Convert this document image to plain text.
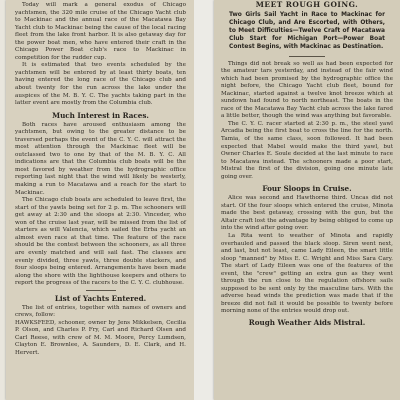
Today will mark a general exodus of Chicago yachtsmen, the 320 mile cruise of the Chicago Yacht club to Mackinac and the annual race of the Macatawa Bay Yacht club to Mackinac being the cause of the local racing fleet from the lake front harbor. It is also getaway day for the power boat men, who have entered their craft in the Chicago Power Boat club's race to Mackinac in competition for the rudder cup.

It is estimated that two events scheduled by the yachtsmen will be entered by at least thirty boats, ten having entered the long race of the Chicago club and about twenty for the run across the lake under the auspices of the M. B. Y. C. The yachts taking part in the latter event are mostly from the Columbia club.

Much Interest in Races.

Both races have aroused enthusiasm among the yachtsmen, but owing to the greater distance to be traversed perhaps the event of the C. Y. C. will attract the most attention through the Mackinac fleet will be outclassed two to one by that of the M. B. Y. C. All indications are that the Columbia club boats will be the most favored by weather from the hydrographic office reporting last night that the wind will likely be westerly, making a run to Macatawa and a reach for the start to Mackinac.

The Chicago club boats are scheduled to leave first, the start of the yawls being set for 2 p. m. The schooners will get away at 2:30 and the sloops at 2:30. Vinceder, who won of the cruise last year, will be missed from the list of starters as will Valencia, which sailed the Erba yacht an almost even race at that time. The feature of the race should be the contest between the schooners, as all three are evenly matched and will sail fast. The classes are evenly divided, three yawls, three double stackers, and four sloops being entered. Arrangements have been made along the shore with the lighthouse keepers and others to report the progress of the racers to the C. Y. C. clubhouse.

List of Yachts Entered.

The list of entries, together with names of owners and crews, follow:

HAWKSFEED, schooner, owner by Jens Mikkelsen, Cecilia P. Olson, and Charles P. Fry, Carl and Richard Olsen and Carl Reese, with crew of M. M. Moore, Percy Lumdsen, Clayton E. Brownlee, A. Saunders, D. E. Clark, and H. Hervert.

MEET ROUGH GOING.
Two Girls Sail Yacht in Race to Mackinac for Chicago Club, and Are Escorted, with Others, to Meet Difficulties—Twelve Craft of Macatawa Club Start for Michigan Port—Power Boat Contest Begins, with Mackinac as Destination.

Things did not break so well as had been expected for the amateur tars yesterday, and instead of the fair wind which had been promised by the hydrographic office the night before, the Chicago Yacht club fleet, bound for Mackinac, started against a twelve knot breeze which at sundown had found to north northeast. The boats in the race of the Macatawa Bay Yacht club across the lake fared a little better, though the wind was anything but favorable.

The C. Y. C. racer started at 2:30 p. m., the steel yawl Arcadia being the first boat to cross the line for the north. Tamia, of the same class, soon followed. It had been expected that Mabel would make the third yawl, but Owner Charles E. Soule decided at the last minute to race to Macatawa instead. The schooners made a poor start, Mistral the first of the division, going one minute late going over.

Four Sloops in Cruise.

Alice was second and Hawthorne third. Uncas did not start. Of the four sloops which entered the cruise, Minota made the best getaway, crossing with the gun, but the Altair craft lost the advantage by being obliged to come up into the wind after going over.

La Rita went to weather of Minota and rapidly overhauled and passed the black sloop. Siren went next, and last, but not least, came Lady Eileen, the smart little sloop "manned" by Miss E. C. Wright and Miss Sara Cary. The start of Lady Eileen was one of the features of the event, the "crew" getting an extra gun as they went through the run close to the regulation offshore sails supposed to be sent only by the masculine tars. With the adverse head winds the prediction was made that if the breeze did not fall it would be possible to twenty before morning none of the entries would drop out.

Rough Weather Aids Mistral.
